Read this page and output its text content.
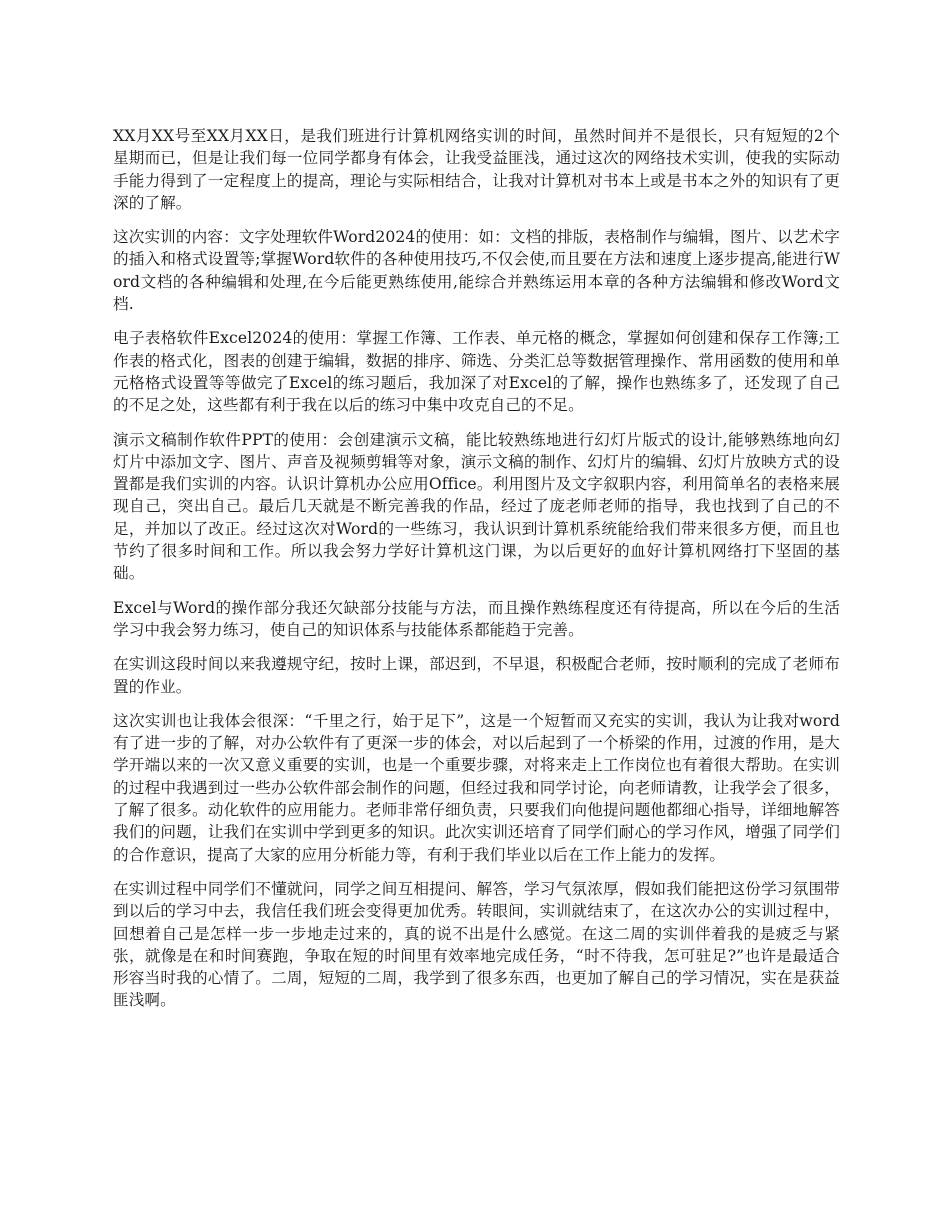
XX月XX号至XX月XX日，是我们班进行计算机网络实训的时间，虽然时间并不是很长，只有短短的2个星期而已，但是让我们每一位同学都身有体会，让我受益匪浅，通过这次的网络技术实训，使我的实际动手能力得到了一定程度上的提高，理论与实际相结合，让我对计算机对书本上或是书本之外的知识有了更深的了解。

这次实训的内容：文字处理软件Word2024的使用：如：文档的排版，表格制作与编辑，图片、以艺术字的插入和格式设置等;掌握Word软件的各种使用技巧,不仅会使,而且要在方法和速度上逐步提高,能进行Word文档的各种编辑和处理,在今后能更熟练使用,能综合并熟练运用本章的各种方法编辑和修改Word文档.

电子表格软件Excel2024的使用：掌握工作簿、工作表、单元格的概念，掌握如何创建和保存工作簿;工作表的格式化，图表的创建于编辑，数据的排序、筛选、分类汇总等数据管理操作、常用函数的使用和单元格格式设置等等做完了Excel的练习题后，我加深了对Excel的了解，操作也熟练多了，还发现了自己的不足之处，这些都有利于我在以后的练习中集中攻克自己的不足。

演示文稿制作软件PPT的使用：会创建演示文稿，能比较熟练地进行幻灯片版式的设计,能够熟练地向幻灯片中添加文字、图片、声音及视频剪辑等对象，演示文稿的制作、幻灯片的编辑、幻灯片放映方式的设置都是我们实训的内容。认识计算机办公应用Office。利用图片及文字叙职内容，利用简单名的表格来展现自己，突出自己。最后几天就是不断完善我的作品，经过了庞老师老师的指导，我也找到了自己的不足，并加以了改正。经过这次对Word的一些练习，我认识到计算机系统能给我们带来很多方便，而且也节约了很多时间和工作。所以我会努力学好计算机这门课，为以后更好的血好计算机网络打下坚固的基础。

Excel与Word的操作部分我还欠缺部分技能与方法，而且操作熟练程度还有待提高，所以在今后的生活学习中我会努力练习，使自己的知识体系与技能体系都能趋于完善。

在实训这段时间以来我遵规守纪，按时上课，部迟到，不早退，积极配合老师，按时顺利的完成了老师布置的作业。

这次实训也让我体会很深：“千里之行，始于足下”，这是一个短暂而又充实的实训，我认为让我对word有了进一步的了解，对办公软件有了更深一步的体会，对以后起到了一个桥梁的作用，过渡的作用，是大学开端以来的一次又意义重要的实训，也是一个重要步骤，对将来走上工作岗位也有着很大帮助。在实训的过程中我遇到过一些办公软件部会制作的问题，但经过我和同学讨论，向老师请教，让我学会了很多，了解了很多。动化软件的应用能力。老师非常仔细负责，只要我们向他提问题他都细心指导，详细地解答我们的问题，让我们在实训中学到更多的知识。此次实训还培育了同学们耐心的学习作风，增强了同学们的合作意识，提高了大家的应用分析能力等，有利于我们毕业以后在工作上能力的发挥。

在实训过程中同学们不懂就问，同学之间互相提问、解答，学习气氛浓厚，假如我们能把这份学习氛围带到以后的学习中去，我信任我们班会变得更加优秀。转眼间，实训就结束了，在这次办公的实训过程中，回想着自己是怎样一步一步地走过来的，真的说不出是什么感觉。在这二周的实训伴着我的是疲乏与紧张，就像是在和时间赛跑，争取在短的时间里有效率地完成任务，“时不待我，怎可驻足?”也许是最适合形容当时我的心情了。二周，短短的二周，我学到了很多东西，也更加了解自己的学习情况，实在是获益匪浅啊。
